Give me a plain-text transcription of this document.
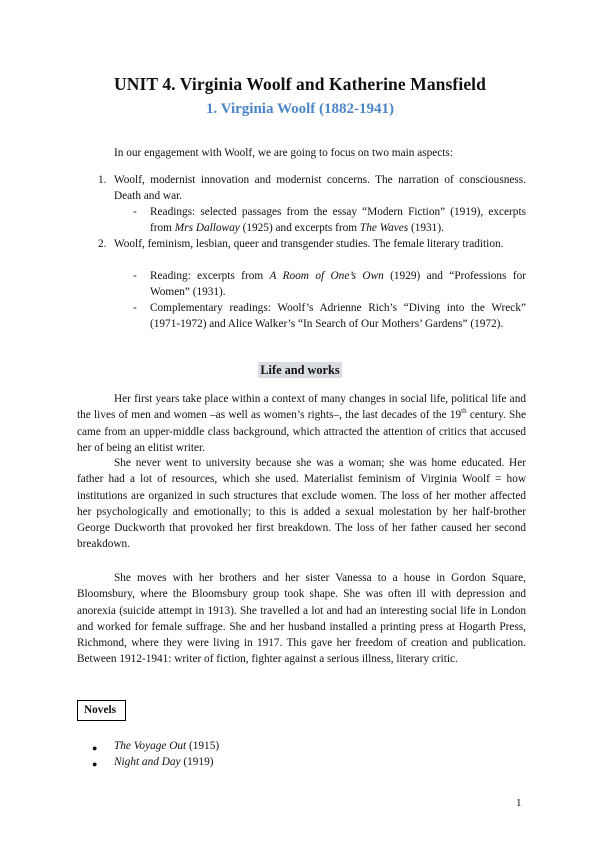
UNIT 4. Virginia Woolf and Katherine Mansfield
1. Virginia Woolf (1882-1941)

In our engagement with Woolf, we are going to focus on two main aspects:

1. Woolf, modernist innovation and modernist concerns. The narration of consciousness. Death and war.

- Readings: selected passages from the essay “Modern Fiction” (1919), excerpts from Mrs Dalloway (1925) and excerpts from The Waves (1931).

2. Woolf, feminism, lesbian, queer and transgender studies. The female literary tradition.

- Reading: excerpts from A Room of One’s Own (1929) and “Professions for Women” (1931).

- Complementary readings: Woolf’s Adrienne Rich’s “Diving into the Wreck” (1971-1972) and Alice Walker’s “In Search of Our Mothers’ Gardens” (1972).

Life and works

Her first years take place within a context of many changes in social life, political life and the lives of men and women –as well as women’s rights–, the last decades of the 19th century. She came from an upper-middle class background, which attracted the attention of critics that accused her of being an elitist writer.

She never went to university because she was a woman; she was home educated. Her father had a lot of resources, which she used. Materialist feminism of Virginia Woolf = how institutions are organized in such structures that exclude women. The loss of her mother affected her psychologically and emotionally; to this is added a sexual molestation by her half-brother George Duckworth that provoked her first breakdown. The loss of her father caused her second breakdown.

She moves with her brothers and her sister Vanessa to a house in Gordon Square, Bloomsbury, where the Bloomsbury group took shape. She was often ill with depression and anorexia (suicide attempt in 1913). She travelled a lot and had an interesting social life in London and worked for female suffrage. She and her husband installed a printing press at Hogarth Press, Richmond, where they were living in 1917. This gave her freedom of creation and publication. Between 1912-1941: writer of fiction, fighter against a serious illness, literary critic.

Novels
● The Voyage Out (1915)
● Night and Day (1919)
1
